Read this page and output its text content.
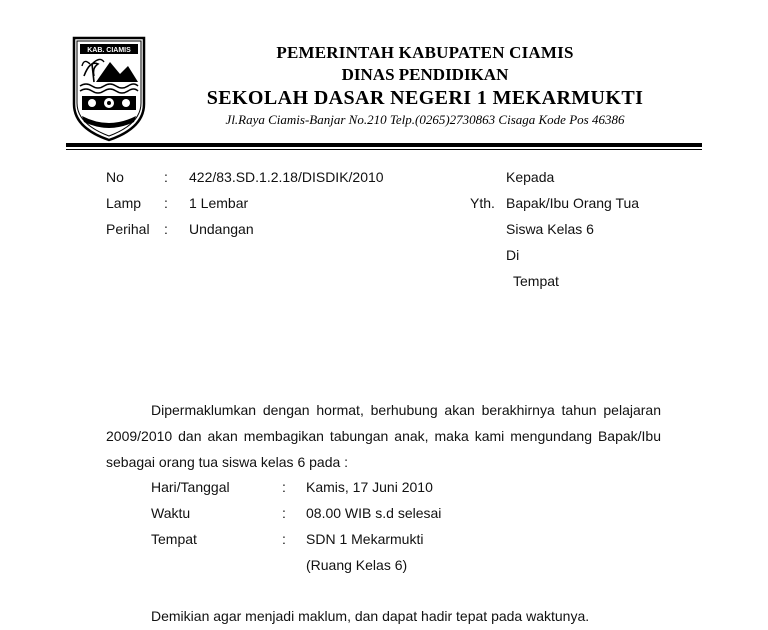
KAB. CIAMIS	PEMERINTAH KABUPATEN CIAMIS
DINAS PENDIDIKAN
SEKOLAH DASAR NEGERI 1 MEKARMUKTI
Jl.Raya Ciamis-Banjar No.210 Telp.(0265)2730863 Cisaga Kode Pos 46386
No	: 422/83.SD.1.2.18/DISDIK/2010
Lamp : 1 Lembar
Perihal : Undangan
Kepada
Yth. Bapak/Ibu Orang Tua
Siswa Kelas 6
Di
Tempat
Dipermaklumkan dengan hormat, berhubung akan berakhirnya tahun pelajaran 2009/2010 dan akan membagikan tabungan anak, maka kami mengundang Bapak/Ibu sebagai orang tua siswa kelas 6 pada :
Hari/Tanggal	: Kamis, 17 Juni 2010
Waktu	: 08.00 WIB s.d selesai
Tempat	: SDN 1 Mekarmukti
(Ruang Kelas 6)
Demikian agar menjadi maklum, dan dapat hadir tepat pada waktunya.
